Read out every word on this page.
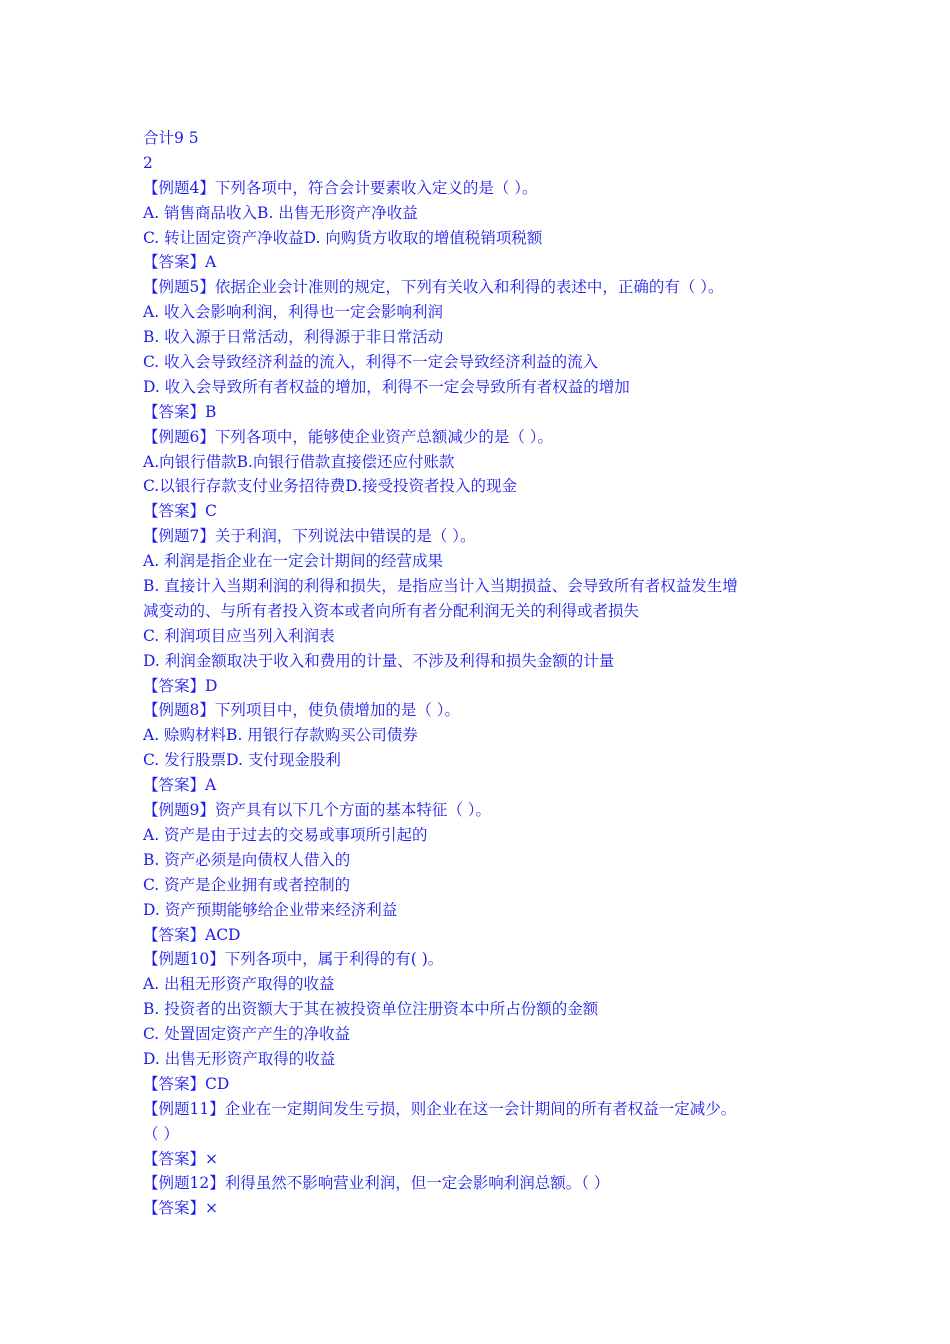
合计9 5
2
【例题4】下列各项中，符合会计要素收入定义的是（ ）。
A. 销售商品收入B. 出售无形资产净收益
C. 转让固定资产净收益D. 向购货方收取的增值税销项税额
【答案】A
【例题5】依据企业会计准则的规定，下列有关收入和利得的表述中，正确的有（ ）。
A. 收入会影响利润，利得也一定会影响利润
B. 收入源于日常活动，利得源于非日常活动
C. 收入会导致经济利益的流入，利得不一定会导致经济利益的流入
D. 收入会导致所有者权益的增加，利得不一定会导致所有者权益的增加
【答案】B
【例题6】下列各项中，能够使企业资产总额减少的是（ ）。
A.向银行借款B.向银行借款直接偿还应付账款
C.以银行存款支付业务招待费D.接受投资者投入的现金
【答案】C
【例题7】关于利润，下列说法中错误的是（ ）。
A. 利润是指企业在一定会计期间的经营成果
B. 直接计入当期利润的利得和损失，是指应当计入当期损益、会导致所有者权益发生增
减变动的、与所有者投入资本或者向所有者分配利润无关的利得或者损失
C. 利润项目应当列入利润表
D. 利润金额取决于收入和费用的计量、不涉及利得和损失金额的计量
【答案】D
【例题8】下列项目中，使负债增加的是（ ）。
A. 赊购材料B. 用银行存款购买公司债券
C. 发行股票D. 支付现金股利
【答案】A
【例题9】资产具有以下几个方面的基本特征（ ）。
A. 资产是由于过去的交易或事项所引起的
B. 资产必须是向债权人借入的
C. 资产是企业拥有或者控制的
D. 资产预期能够给企业带来经济利益
【答案】ACD
【例题10】下列各项中，属于利得的有( )。
A. 出租无形资产取得的收益
B. 投资者的出资额大于其在被投资单位注册资本中所占份额的金额
C. 处置固定资产产生的净收益
D. 出售无形资产取得的收益
【答案】CD
【例题11】企业在一定期间发生亏损，则企业在这一会计期间的所有者权益一定减少。
（ ）
【答案】×
【例题12】利得虽然不影响营业利润，但一定会影响利润总额。（ ）
【答案】×
